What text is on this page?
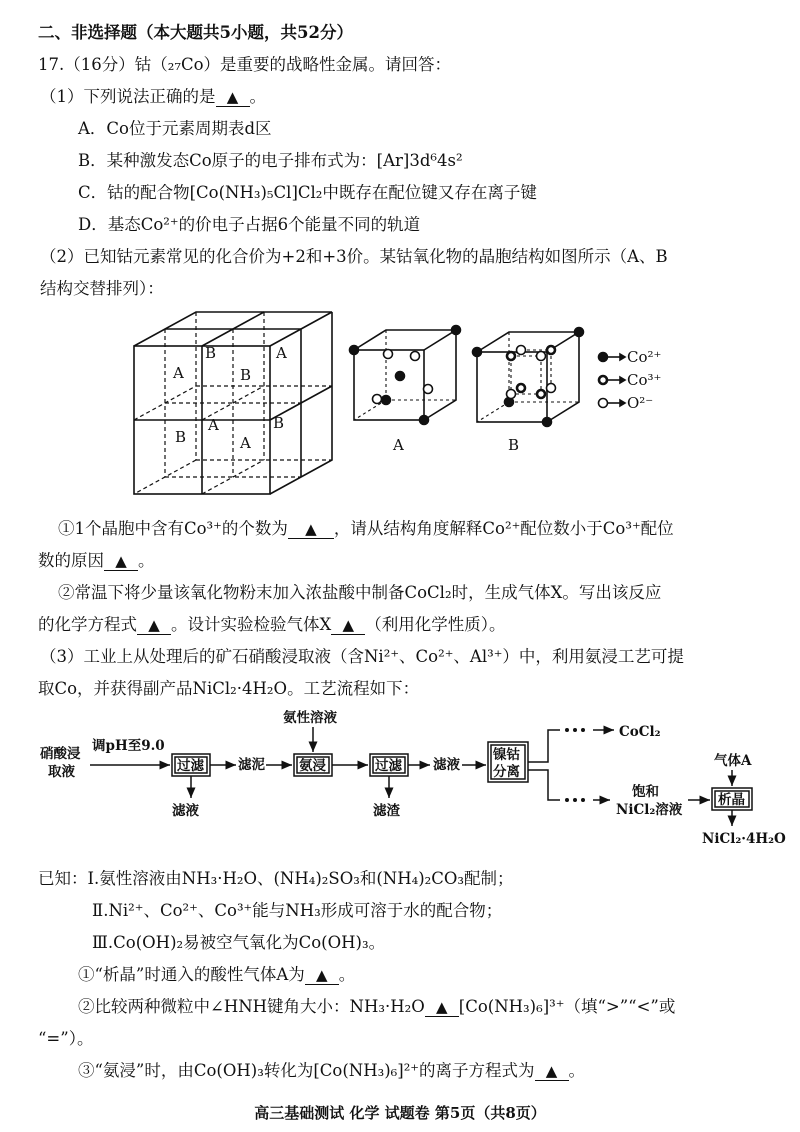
二、非选择题（本大题共5小题，共52分）
17.（16分）钴（₂₇Co）是重要的战略性金属。请回答：
（1）下列说法正确的是 ▲ 。
A．Co位于元素周期表d区
B．某种激发态Co原子的电子排布式为：[Ar]3d⁶4s²
C．钴的配合物[Co(NH₃)₅Cl]Cl₂中既存在配位键又存在离子键
D．基态Co²⁺的价电子占据6个能量不同的轨道
（2）已知钴元素常见的化合价为+2和+3价。某钴氧化物的晶胞结构如图所示（A、B
结构交替排列）：
A
B	A
B
A
B	A
B
A	B
Co²⁺
Co³⁺
O²⁻
①1个晶胞中含有Co³⁺的个数为 ▲ ，请从结构角度解释Co²⁺配位数小于Co³⁺配位
数的原因 ▲ 。
②常温下将少量该氧化物粉末加入浓盐酸中制备CoCl₂时，生成气体X。写出该反应
的化学方程式 ▲ 。设计实验检验气体X ▲ （利用化学性质）。
（3）工业上从处理后的矿石硝酸浸取液（含Ni²⁺、Co²⁺、Al³⁺）中，利用氨浸工艺可提
取Co，并获得副产品NiCl₂·4H₂O。工艺流程如下：
硝酸浸
取液
调pH至9.0
滤泥
滤液
氨性溶液
滤渣
滤液
CoCl₂
饱和
NiCl₂溶液
气体A
NiCl₂·4H₂O
过滤	氨浸	过滤
镍钴
分离
析晶
已知：Ⅰ.氨性溶液由NH₃·H₂O、(NH₄)₂SO₃和(NH₄)₂CO₃配制；
Ⅱ.Ni²⁺、Co²⁺、Co³⁺能与NH₃形成可溶于水的配合物；
Ⅲ.Co(OH)₂易被空气氧化为Co(OH)₃。
①“析晶”时通入的酸性气体A为 ▲ 。
②比较两种微粒中∠HNH键角大小：NH₃·H₂O ▲ [Co(NH₃)₆]³⁺（填“>”“<”或
“=”）。
③“氨浸”时，由Co(OH)₃转化为[Co(NH₃)₆]²⁺的离子方程式为 ▲ 。
高三基础测试 化学 试题卷 第5页（共8页）
